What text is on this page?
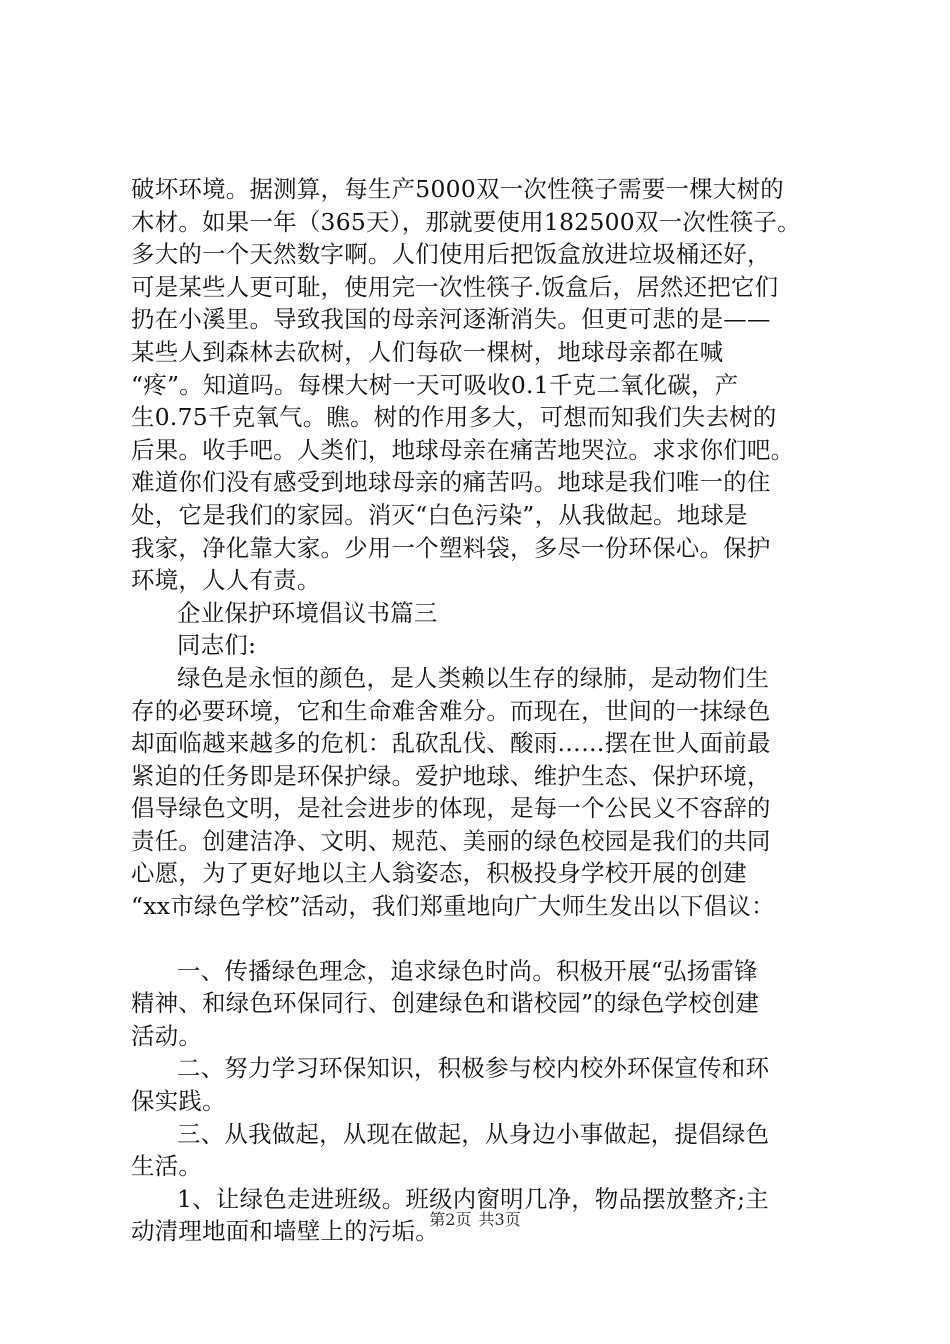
破坏环境。据测算，每生产5000双一次性筷子需要一棵大树的
木材。如果一年（365天），那就要使用182500双一次性筷子。
多大的一个天然数字啊。人们使用后把饭盒放进垃圾桶还好，
可是某些人更可耻，使用完一次性筷子.饭盒后，居然还把它们
扔在小溪里。导致我国的母亲河逐渐消失。但更可悲的是——
某些人到森林去砍树，人们每砍一棵树，地球母亲都在喊
“疼”。知道吗。每棵大树一天可吸收0.1千克二氧化碳，产
生0.75千克氧气。瞧。树的作用多大，可想而知我们失去树的
后果。收手吧。人类们，地球母亲在痛苦地哭泣。求求你们吧。
难道你们没有感受到地球母亲的痛苦吗。地球是我们唯一的住
处，它是我们的家园。消灭“白色污染”，从我做起。地球是
我家，净化靠大家。少用一个塑料袋，多尽一份环保心。保护
环境，人人有责。
企业保护环境倡议书篇三
同志们:
绿色是永恒的颜色，是人类赖以生存的绿肺，是动物们生
存的必要环境，它和生命难舍难分。而现在，世间的一抹绿色
却面临越来越多的危机：乱砍乱伐、酸雨……摆在世人面前最
紧迫的任务即是环保护绿。爱护地球、维护生态、保护环境，
倡导绿色文明，是社会进步的体现，是每一个公民义不容辞的
责任。创建洁净、文明、规范、美丽的绿色校园是我们的共同
心愿，为了更好地以主人翁姿态，积极投身学校开展的创建
“xx市绿色学校”活动，我们郑重地向广大师生发出以下倡议：
一、传播绿色理念，追求绿色时尚。积极开展“弘扬雷锋
精神、和绿色环保同行、创建绿色和谐校园”的绿色学校创建
活动。
二、努力学习环保知识，积极参与校内校外环保宣传和环
保实践。
三、从我做起，从现在做起，从身边小事做起，提倡绿色
生活。
1、让绿色走进班级。班级内窗明几净，物品摆放整齐;主
动清理地面和墙壁上的污垢。
第2页 共3页
